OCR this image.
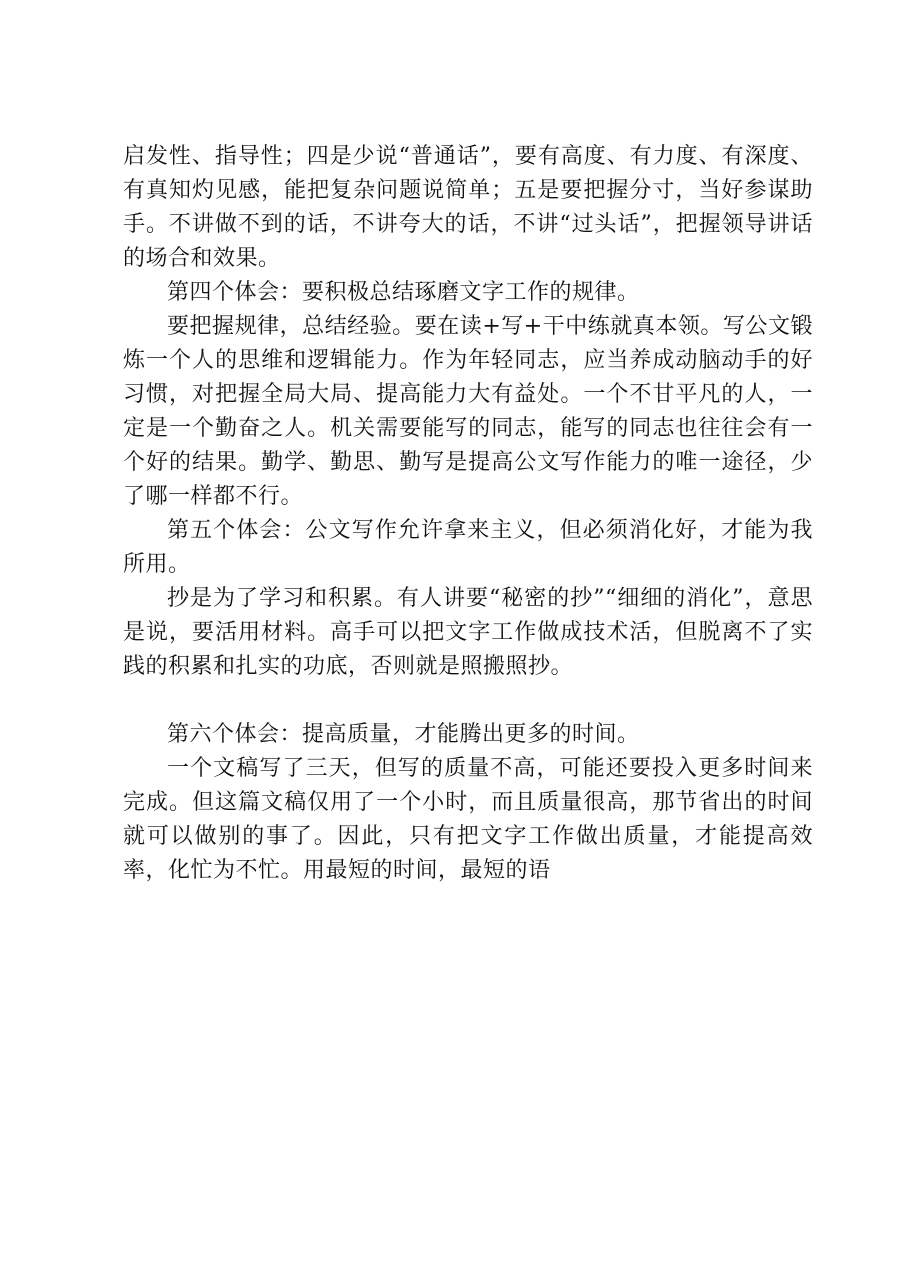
启发性、指导性；四是少说“普通话”，要有高度、有力度、有深度、有真知灼见感，能把复杂问题说简单；五是要把握分寸，当好参谋助手。不讲做不到的话，不讲夸大的话，不讲“过头话”，把握领导讲话的场合和效果。

第四个体会：要积极总结琢磨文字工作的规律。

要把握规律，总结经验。要在读+写+干中练就真本领。写公文锻炼一个人的思维和逻辑能力。作为年轻同志，应当养成动脑动手的好习惯，对把握全局大局、提高能力大有益处。一个不甘平凡的人，一定是一个勤奋之人。机关需要能写的同志，能写的同志也往往会有一个好的结果。勤学、勤思、勤写是提高公文写作能力的唯一途径，少了哪一样都不行。

第五个体会：公文写作允许拿来主义，但必须消化好，才能为我所用。

抄是为了学习和积累。有人讲要“秘密的抄”“细细的消化”，意思是说，要活用材料。高手可以把文字工作做成技术活，但脱离不了实践的积累和扎实的功底，否则就是照搬照抄。

第六个体会：提高质量，才能腾出更多的时间。

一个文稿写了三天，但写的质量不高，可能还要投入更多时间来完成。但这篇文稿仅用了一个小时，而且质量很高，那节省出的时间就可以做别的事了。因此，只有把文字工作做出质量，才能提高效率，化忙为不忙。用最短的时间，最短的语
